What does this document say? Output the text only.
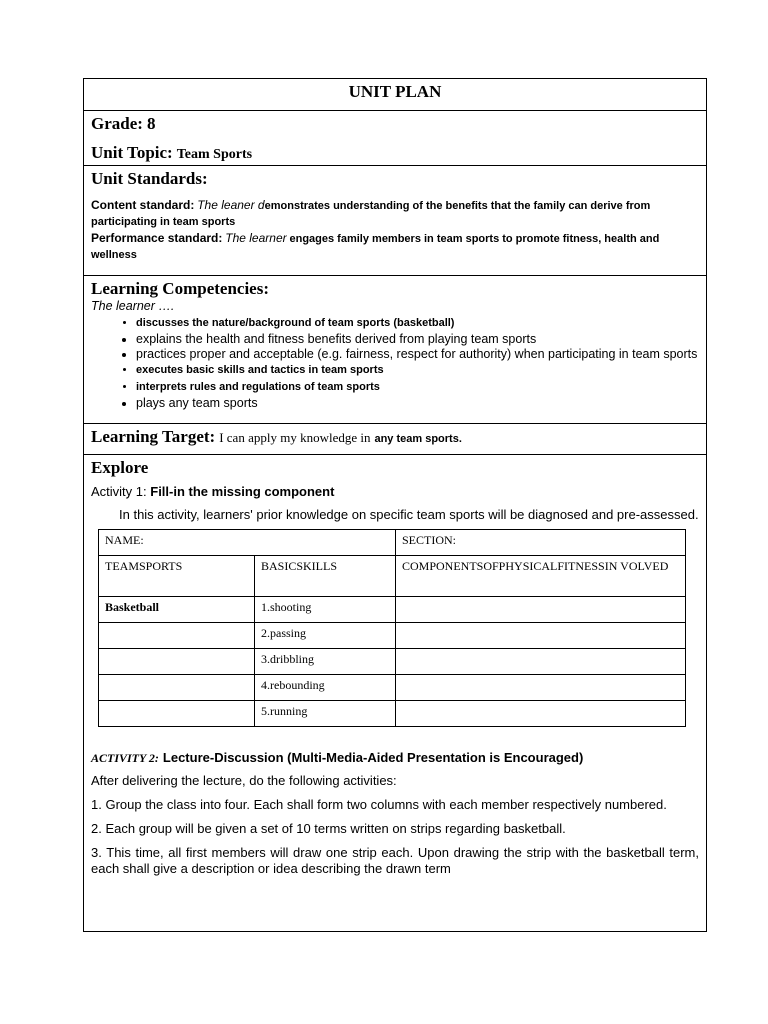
UNIT PLAN
Grade: 8
Unit Topic: Team Sports
Unit Standards:
Content standard: The leaner demonstrates understanding of the benefits that the family can derive from participating in team sports
Performance standard: The learner engages family members in team sports to promote fitness, health and wellness
Learning Competencies:
The learner ….
• discusses the nature/background of team sports (basketball)
• explains the health and fitness benefits derived from playing team sports
• practices proper and acceptable (e.g. fairness, respect for authority) when participating in team sports
• executes basic skills and tactics in team sports
• interprets rules and regulations of team sports
• plays any team sports
Learning Target: I can apply my knowledge in any team sports.
Explore
Activity 1: Fill-in the missing component

In this activity, learners' prior knowledge on specific team sports will be diagnosed and pre-assessed.

NAME:		SECTION:
TEAMSPORTS	BASICSKILLS	COMPONENTSOFPHYSICALFITNESSIN VOLVED
Basketball	1.shooting	
	2.passing	
	3.dribbling	
	4.rebounding	
	5.running	
ACTIVITY 2: Lecture-Discussion (Multi-Media-Aided Presentation is Encouraged)

After delivering the lecture, do the following activities:

1. Group the class into four. Each shall form two columns with each member respectively numbered.

2. Each group will be given a set of 10 terms written on strips regarding basketball.

3. This time, all first members will draw one strip each. Upon drawing the strip with the basketball term, each shall give a description or idea describing the drawn term
